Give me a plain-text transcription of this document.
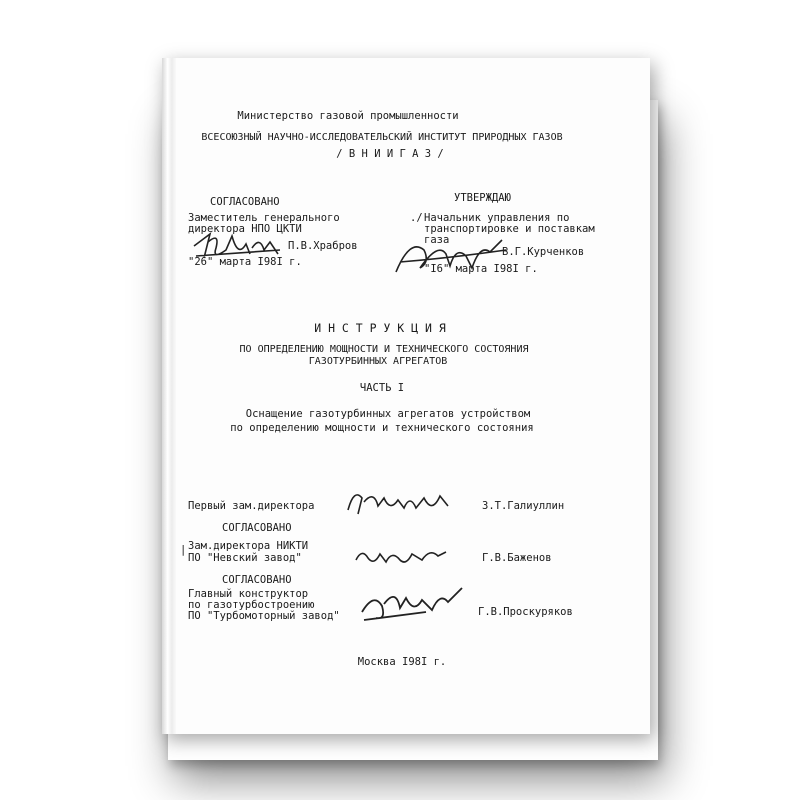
Министерство газовой промышленности
ВСЕСОЮЗНЫЙ НАУЧНО-ИССЛЕДОВАТЕЛЬСКИЙ ИНСТИТУТ ПРИРОДНЫХ ГАЗОВ
/ В Н И И Г А З /
СОГЛАСОВАНО
Заместитель генерального
директора НПО ЦКТИ
П.В.Храбров
"26" марта I98I г.
УТВЕРЖДАЮ
./ Начальник управления по
транспортировке и поставкам
газа
В.Г.Курченков
"I6" марта I98I г.
И Н С Т Р У К Ц И Я
ПО ОПРЕДЕЛЕНИЮ МОЩНОСТИ И ТЕХНИЧЕСКОГО СОСТОЯНИЯ
ГАЗОТУРБИННЫХ АГРЕГАТОВ
ЧАСТЬ I
Оснащение газотурбинных агрегатов устройством
по определению мощности и технического состояния
Первый зам.директора	З.Т.Галиуллин
СОГЛАСОВАНО
| Зам.директора НИКТИ
ПО "Невский завод"	Г.В.Баженов
СОГЛАСОВАНО
Главный конструктор
по газотурбостроению
ПО "Турбомоторный завод"	Г.В.Проскуряков
Москва I98I г.
